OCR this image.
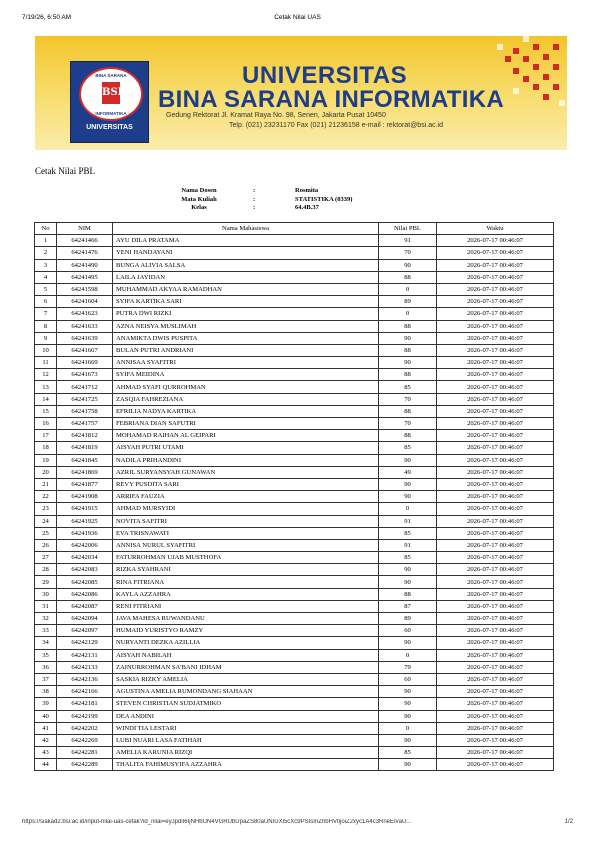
7/19/26, 6:50 AM	Cetak Nilai UAS
BINA SARANA
BSI
INFORMATIKA
UNIVERSITAS
UNIVERSITAS
BINA SARANA INFORMATIKA
Gedung Rektorat Jl. Kramat Raya No. 98, Senen, Jakarta Pusat 10450
Telp. (021) 23231170 Fax (021) 21236158 e-mail : rektorat@bsi.ac.id
Cetak Nilai PBL
Nama Dosen	:	Rosmita
Mata Kuliah	:	STATISTIKA (0339)
Kelas	:	64.4B.37
No	NIM	Nama Mahasiswa	Nilai PBL	Waktu
1	64241466	AYU DILA PRATAMA	91	2026-07-17 00:46:07
2	64241476	YENI HANDAYANI	70	2026-07-17 00:46:07
3	64241490	BUNGA ALIVIA SALSA	90	2026-07-17 00:46:07
4	64241495	LAILA JAYIDAN	88	2026-07-17 00:46:07
5	64241598	MUHAMMAD AKYAA RAMADHAN	0	2026-07-17 00:46:07
6	64241604	SYIFA KARTIKA SARI	89	2026-07-17 00:46:07
7	64241623	PUTRA DWI RIZKI	0	2026-07-17 00:46:07
8	64241633	AZNA NEISYA MUSLIMAH	88	2026-07-17 00:46:07
9	64241639	ANAMIKTA DWIS PUSPITA	90	2026-07-17 00:46:07
10	64241667	BULAN PUTRI ANDRIANI	88	2026-07-17 00:46:07
11	64241669	ANNISAA SYAFITRI	90	2026-07-17 00:46:07
12	64241673	SYIFA MEIDINA	88	2026-07-17 00:46:07
13	64241712	AHMAD SYAFI QURROHMAN	85	2026-07-17 00:46:07
14	64241725	ZASQIA FAHREZIANA	70	2026-07-17 00:46:07
15	64241758	EFRILIA NADYA KARTIKA	88	2026-07-17 00:46:07
16	64241757	FEBRIANA DIAN SAFUTRI	70	2026-07-17 00:46:07
17	64241812	MOHAMAD RAIHAN AL GEIPARI	88	2026-07-17 00:46:07
18	64241819	AISYAH PUTRI UTAMI	85	2026-07-17 00:46:07
19	64241845	NADILA PRIHANDINI	90	2026-07-17 00:46:07
20	64241869	AZRIL SURYANSYAH GUNAWAN	49	2026-07-17 00:46:07
21	64241877	REVY PUSDITA SARI	90	2026-07-17 00:46:07
22	64241908	ARRIFA FAUZIA	90	2026-07-17 00:46:07
23	64241915	AHMAD MURSYIDI	0	2026-07-17 00:46:07
24	64241925	NOVITA SAFITRI	91	2026-07-17 00:46:07
25	64241936	EVA TRISNAWATI	85	2026-07-17 00:46:07
26	64242006	ANNISA NURUL SYAFITRI	91	2026-07-17 00:46:07
27	64242034	FATURROHMAN UJAB MUSTHOFA	85	2026-07-17 00:46:07
28	64242083	RIZKA SYAHRANI	90	2026-07-17 00:46:07
29	64242085	RINA FITRIANA	90	2026-07-17 00:46:07
30	64242086	KAYLA AZZAHRA	88	2026-07-17 00:46:07
31	64242087	RENI FITRIANI	87	2026-07-17 00:46:07
32	64242094	JAVA MAHESA RUWANDANU	89	2026-07-17 00:46:07
33	64242097	HUMAID YURISTYO RAMZY	60	2026-07-17 00:46:07
34	64242129	NURYANTI DEZKA AZILLIA	90	2026-07-17 00:46:07
35	64242131	AISYAH NABILAH	0	2026-07-17 00:46:07
36	64242133	ZAINURROHMAN SA'BANI IDHAM	79	2026-07-17 00:46:07
37	64242136	SASKIA RIZKY AMELIA	60	2026-07-17 00:46:07
38	64242166	AGUSTINA AMELIA RUMONDANG SIAHAAN	90	2026-07-17 00:46:07
39	64242181	STEVEN CHRISTIAN SUDJATMIKO	90	2026-07-17 00:46:07
40	64242199	DEA ANDINI	90	2026-07-17 00:46:07
41	64242202	WINDI TIA LESTARI	0	2026-07-17 00:46:07
42	64242269	LUBI NUARI LASA FATIHAH	90	2026-07-17 00:46:07
43	64242281	AMELIA KARUNIA RIZQI	85	2026-07-17 00:46:07
44	64242289	THALITA FAHIMUSYIFA AZZAHRA	90	2026-07-17 00:46:07
https://siakad2.bsi.ac.id/input-nilai-uas-cetak?id_nilai=eyJpdiI6IjNHbUN4VGRUbUpaZS80aUNIUXl5cXc9PSIsInZhbHVlIjoiZ2xyc1A4c3RneEIvaU...	1/2
